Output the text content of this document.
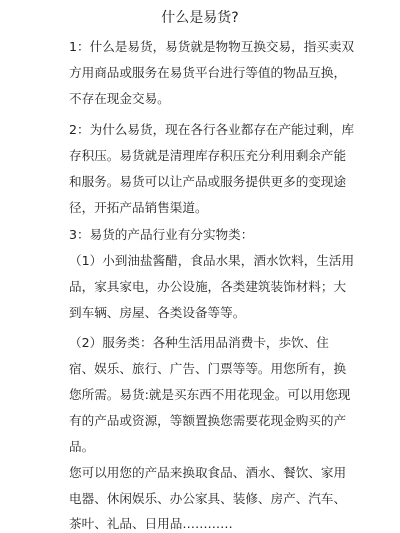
什么是易货?
1：什么是易货，易货就是物物互换交易，指买卖双
方用商品或服务在易货平台进行等值的物品互换，
不存在现金交易。
2：为什么易货，现在各行各业都存在产能过剩，库
存积压。易货就是清理库存积压充分利用剩余产能
和服务。易货可以让产品或服务提供更多的变现途
径，开拓产品销售渠道。
3：易货的产品行业有分实物类：
（1）小到油盐酱醋，食品水果，酒水饮料，生活用
品，家具家电，办公设施，各类建筑装饰材料；大
到车辆、房屋、各类设备等等。
（2）服务类：各种生活用品消费卡，歩饮、住
宿、娱乐、旅行、广告、门票等等。用您所有，换
您所需。易货:就是买东西不用花现金。可以用您现
有的产品或资源，等额置换您需要花现金购买的产
品。
您可以用您的产品来换取食品、酒水、餐饮、家用
电器、休闲娱乐、办公家具、装修、房产、汽车、
茶叶、礼品、日用品…………
